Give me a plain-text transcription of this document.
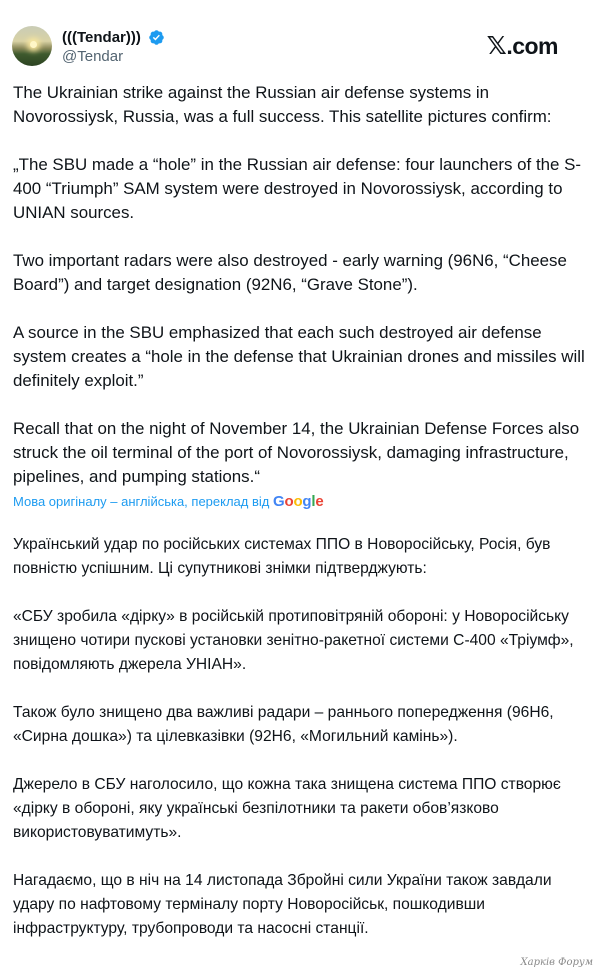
(((Tendar)))
@Tendar	𝕏.com

The Ukrainian strike against the Russian air defense systems in Novorossiysk, Russia, was a full success. This satellite pictures confirm:

„The SBU made a “hole” in the Russian air defense: four launchers of the S-400 “Triumph” SAM system were destroyed in Novorossiysk, according to UNIAN sources.

Two important radars were also destroyed - early warning (96N6, “Cheese Board”) and target designation (92N6, “Grave Stone”).

A source in the SBU emphasized that each such destroyed air defense system creates a “hole in the defense that Ukrainian drones and missiles will definitely exploit.”

Recall that on the night of November 14, the Ukrainian Defense Forces also struck the oil terminal of the port of Novorossiysk, damaging infrastructure, pipelines, and pumping stations.“

Мова оригіналу – англійська, переклад від Google

Український удар по російських системах ППО в Новоросійську, Росія, був повністю успішним. Ці супутникові знімки підтверджують:

«СБУ зробила «дірку» в російській протиповітряній обороні: у Новоросійську знищено чотири пускові установки зенітно-ракетної системи С-400 «Тріумф», повідомляють джерела УНІАН».

Також було знищено два важливі радари – раннього попередження (96Н6, «Сирна дошка») та цілевказівки (92Н6, «Могильний камінь»).

Джерело в СБУ наголосило, що кожна така знищена система ППО створює «дірку в обороні, яку українські безпілотники та ракети обов’язково використовуватимуть».

Нагадаємо, що в ніч на 14 листопада Збройні сили України також завдали удару по нафтовому терміналу порту Новоросійськ, пошкодивши інфраструктуру, трубопроводи та насосні станції.

Харків Форум
